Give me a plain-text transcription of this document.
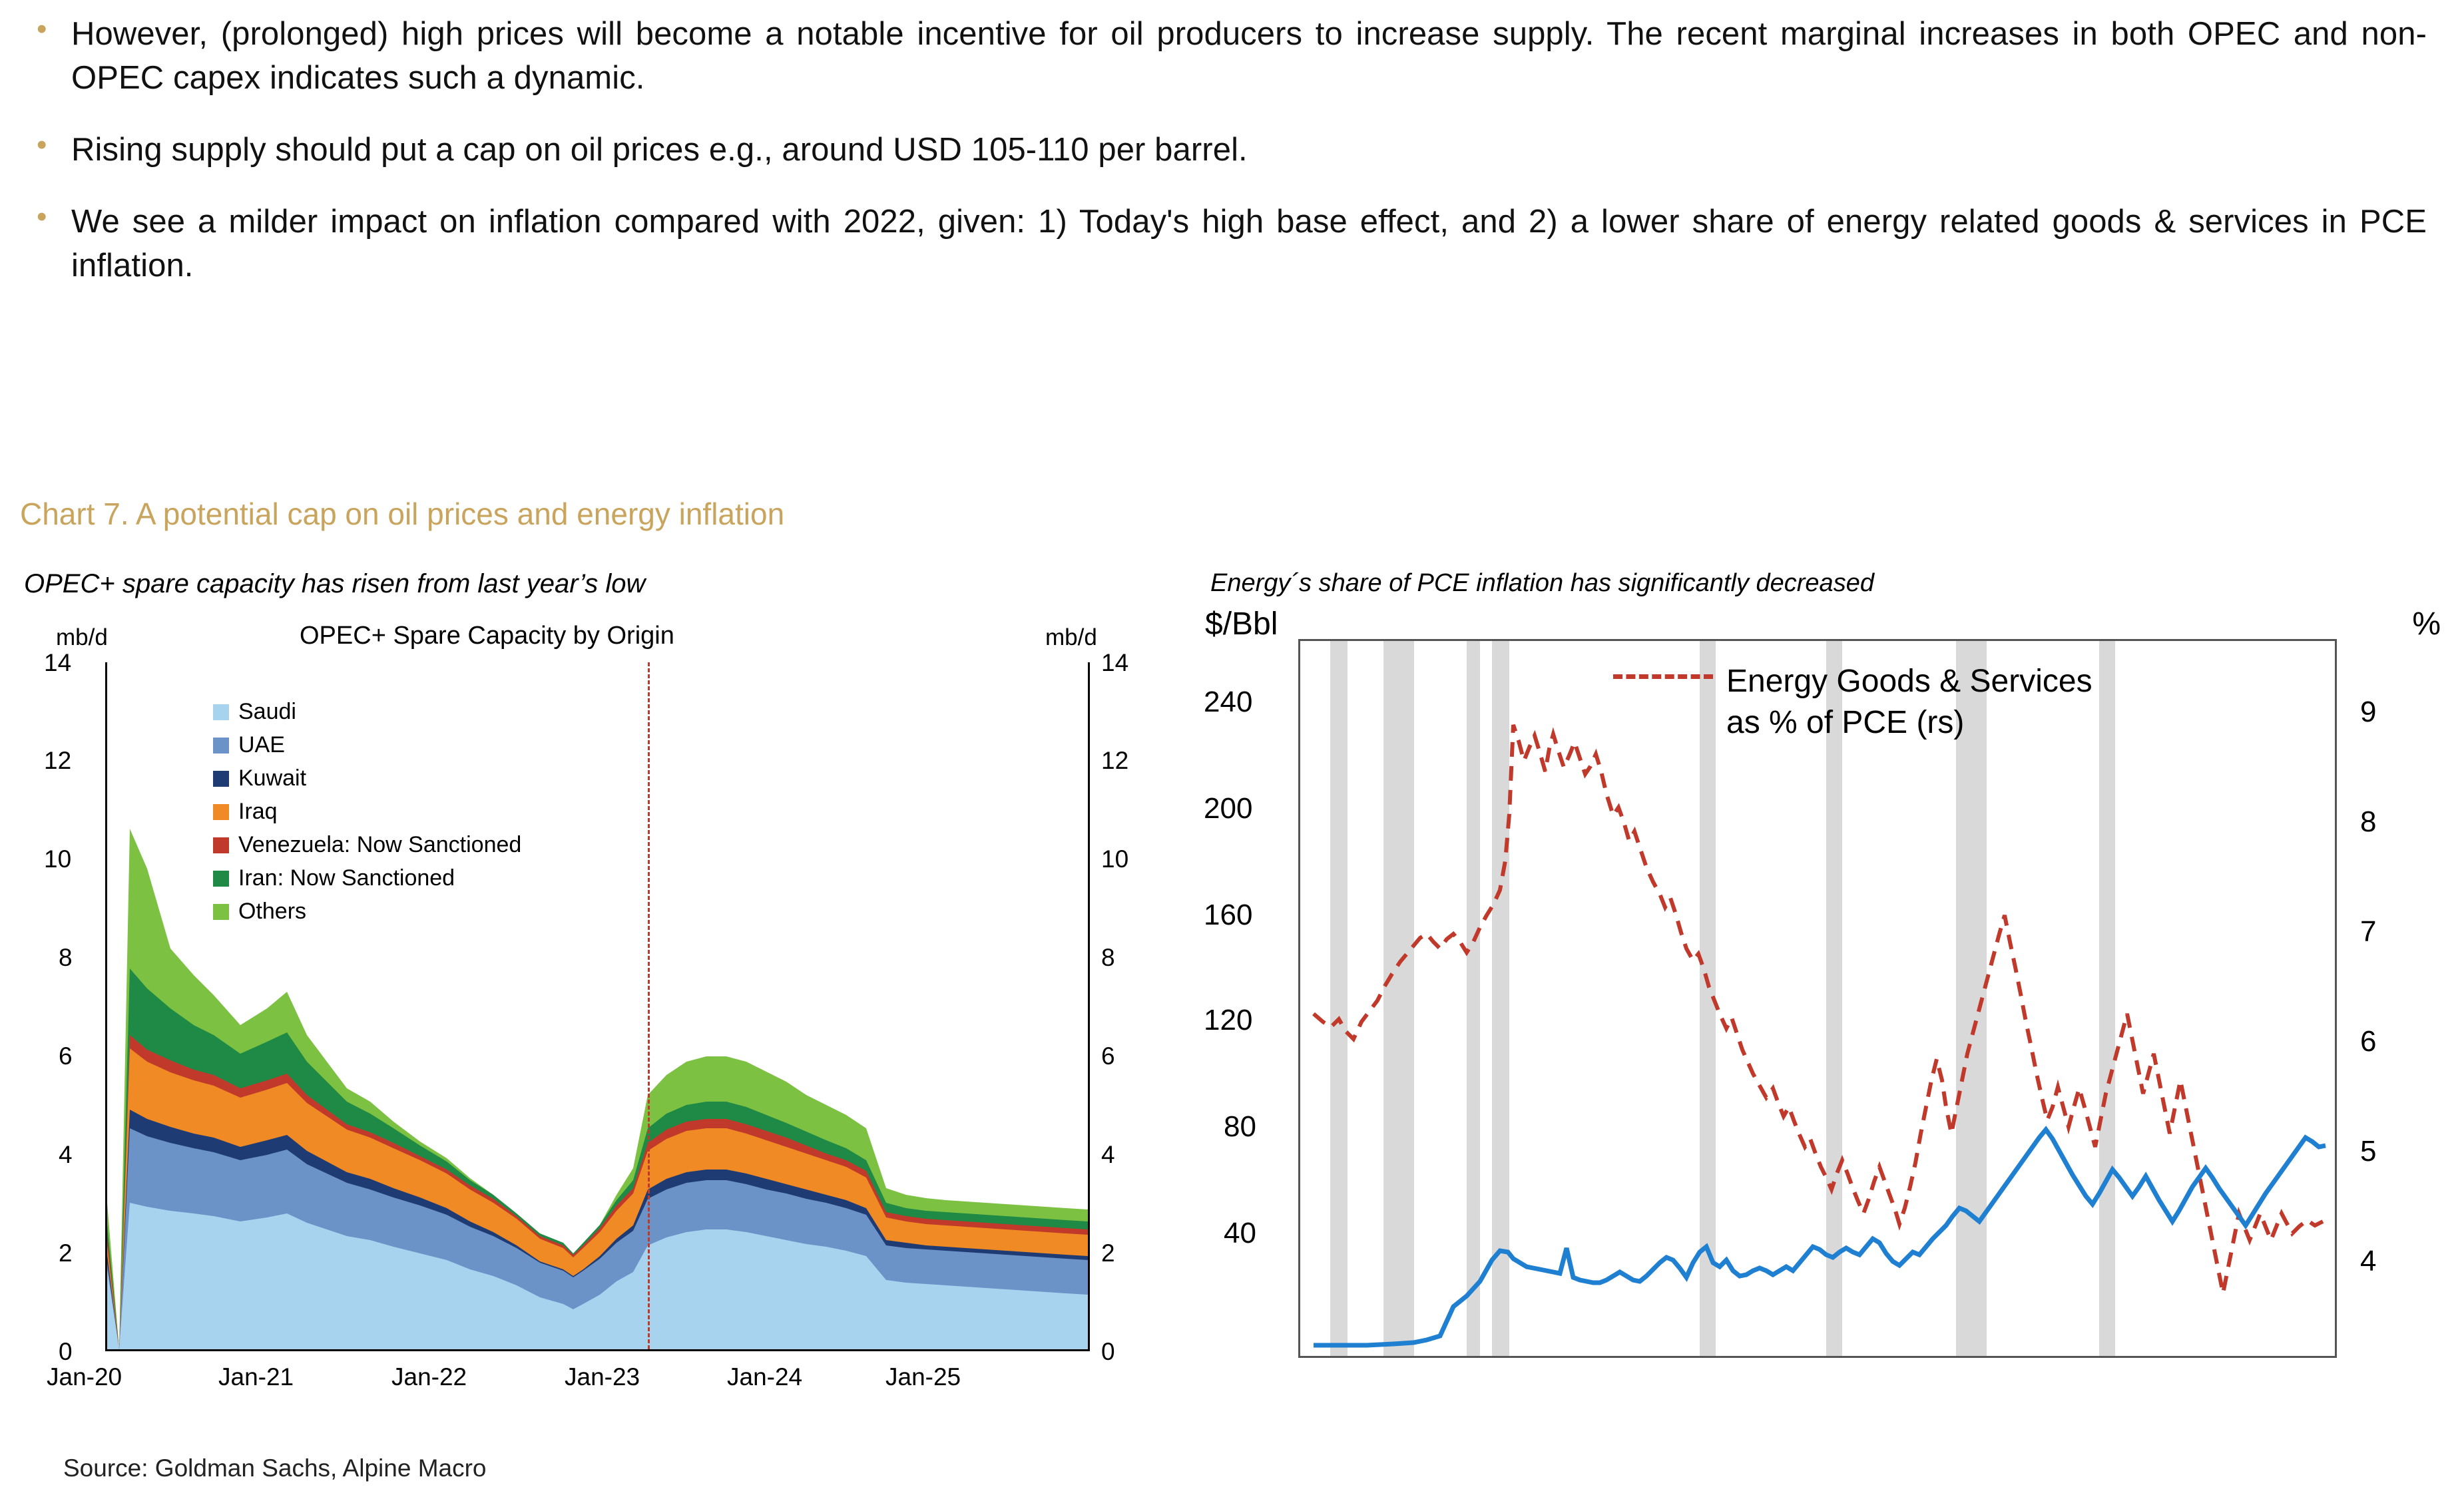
• However, (prolonged) high prices will become a notable incentive for oil producers to increase supply. The recent marginal increases in both OPEC and non-OPEC capex indicates such a dynamic.
• Rising supply should put a cap on oil prices e.g., around USD 105-110 per barrel.
• We see a milder impact on inflation compared with 2022, given: 1) Today's high base effect, and 2) a lower share of energy related goods & services in PCE inflation.
Chart 7. A potential cap on oil prices and energy inflation
OPEC+ spare capacity has risen from last year’s low	Energy´s share of PCE inflation has significantly decreased
Source: Goldman Sachs, Alpine Macro
mb/d	mb/d
OPEC+ Spare Capacity by Origin
0
2
4
6
8
10
12
14
0
2
4
6
8
10
12
14
Saudi
UAE
Kuwait
Iraq
Venezuela: Now Sanctioned
Iran: Now Sanctioned
Others
Jan-20	Jan-21	Jan-22	Jan-23	Jan-24	Jan-25
$/Bbl	%
240
200
160
120
80
40
9
8
7
6
5
4
Energy Goods & Services
as % of PCE (rs)
